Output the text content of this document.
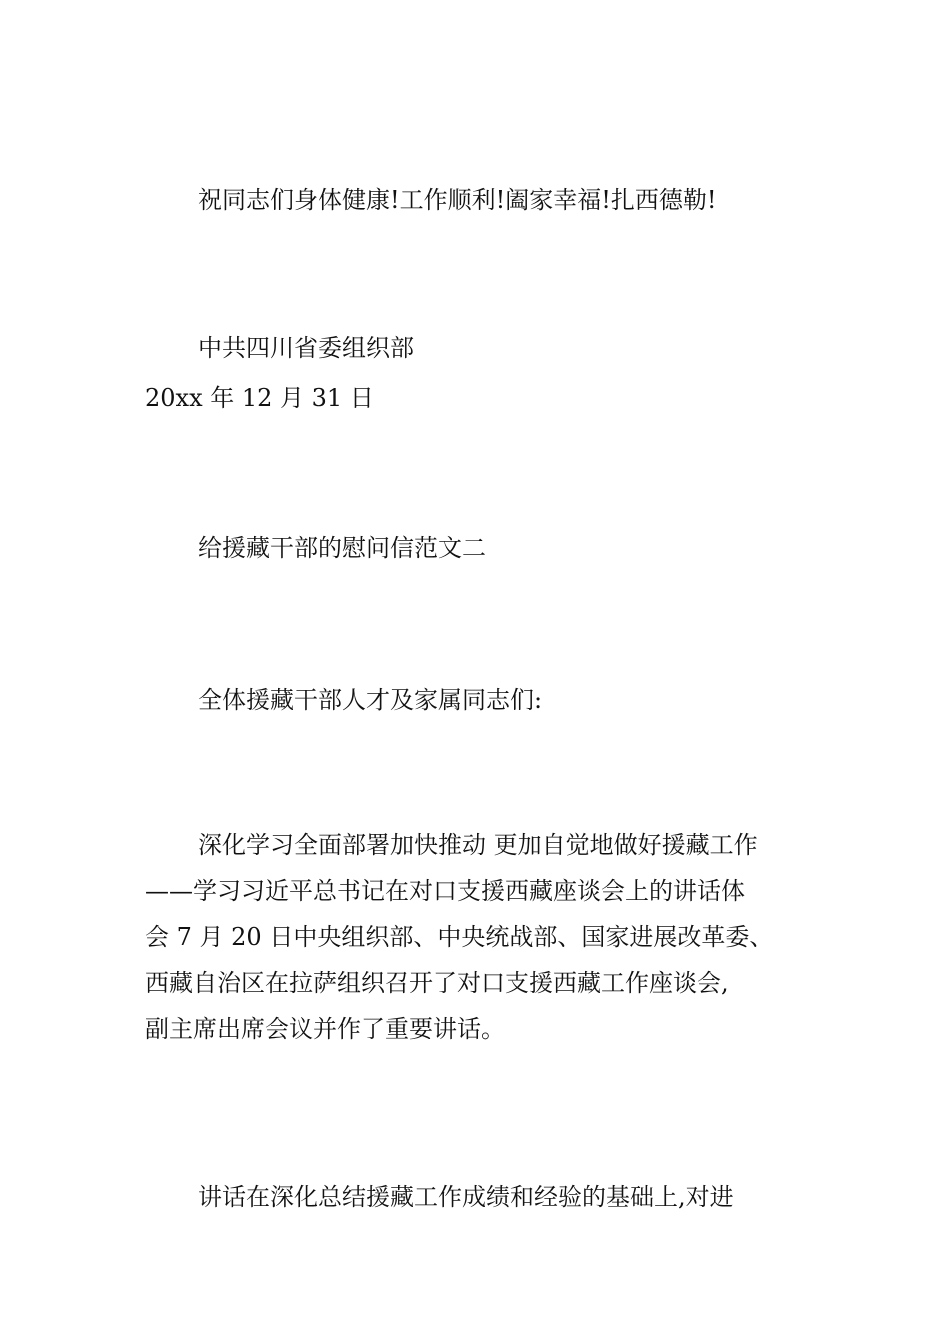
祝同志们身体健康!工作顺利!阖家幸福!扎西德勒!
中共四川省委组织部
20xx 年 12 月 31 日
给援藏干部的慰问信范文二
全体援藏干部人才及家属同志们:
深化学习全面部署加快推动 更加自觉地做好援藏工作
——学习习近平总书记在对口支援西藏座谈会上的讲话体
会 7 月 20 日中央组织部、中央统战部、国家进展改革委、
西藏自治区在拉萨组织召开了对口支援西藏工作座谈会,
副主席出席会议并作了重要讲话。
讲话在深化总结援藏工作成绩和经验的基础上,对进
